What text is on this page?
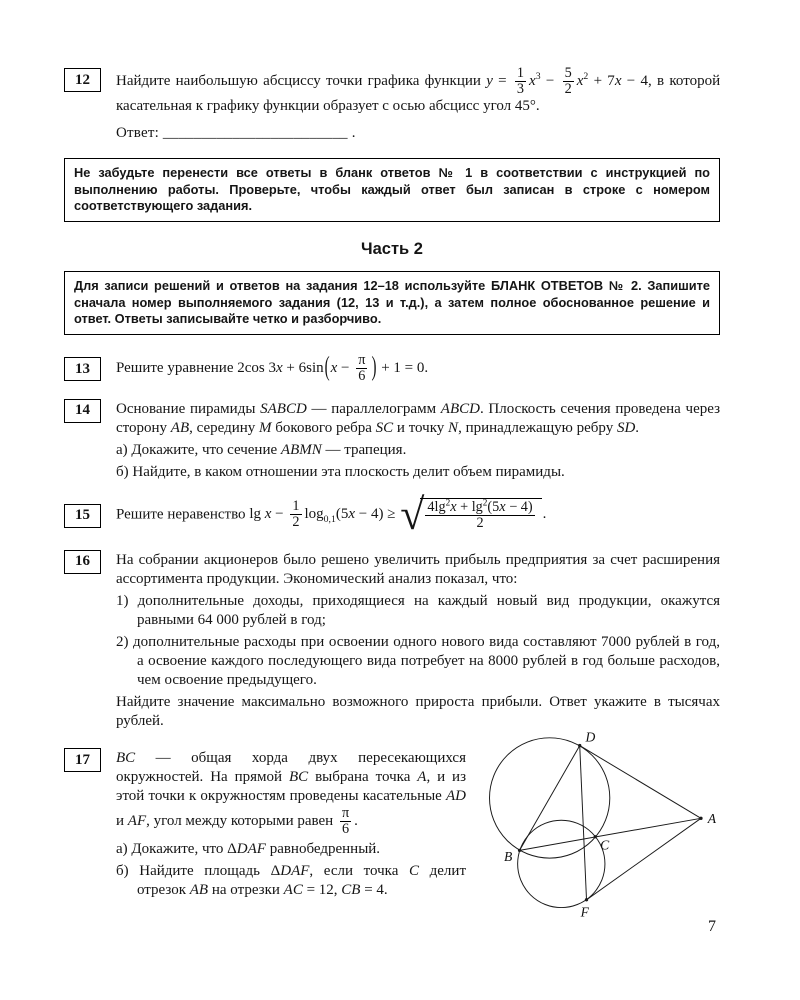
12	Найдите наибольшую абсциссу точки графика функции $y = \frac{1}{3} x^3 - \frac{5}{2} x^2 + 7x - 4$, в которой касательная к графику функции образует с осью абсцисс угол 45°.

Ответ: ________________________ .

Не забудьте перенести все ответы в бланк ответов № 1 в соответствии с инструкцией по выполнению работы. Проверьте, чтобы каждый ответ был записан в строке с номером соответствующего задания.
Часть 2
Для записи решений и ответов на задания 12–18 используйте БЛАНК ОТВЕТОВ № 2. Запишите сначала номер выполняемого задания (12, 13 и т.д.), а затем полное обоснованное решение и ответ. Ответы записывайте четко и разборчиво.
13	Решите уравнение 2cos $3x + 6\sin(x - \frac{\pi}{6}$ ) + 1 = 0.

14	Основание пирамиды SABCD — параллелограмм ABCD. Плоскость сечения проведена через сторону AB, середину M бокового ребра SC и точку N, принадлежащую ребру SD.

а) Докажите, что сечение ABMN — трапеция.

б) Найдите, в каком отношении эта плоскость делит объем пирамиды.

15	Решите неравенство $\lg x - \frac{1}{2} \log_{0,1}(5x - 4)$ ≥ √ $\frac{4\lg^2x + \lg^2(5x - 4)}{2}$ .

16	На собрании акционеров было решено увеличить прибыль предприятия за счет расширения ассортимента продукции. Экономический анализ показал, что:

1) дополнительные доходы, приходящиеся на каждый новый вид продукции, окажутся равными 64 000 рублей в год;

2) дополнительные расходы при освоении одного нового вида составляют 7000 рублей в год, а освоение каждого последующего вида потребует на 8000 рублей в год больше расходов, чем освоение предыдущего.

Найдите значение максимально возможного прироста прибыли. Ответ укажите в тысячах рублей.

17	BC — общая хорда двух пересекающихся окружностей. На прямой BC выбрана точка A, и из этой точки к окружностям проведены касательные AD и AF, угол между которыми равен $\frac{\pi}{6}$ .

а) Докажите, что ΔDAF равнобедренный.

б) Найдите площадь ΔDAF, если точка C делит отрезок AB на отрезки AC = 12, CB = 4.

D
A
B
C
F
7
